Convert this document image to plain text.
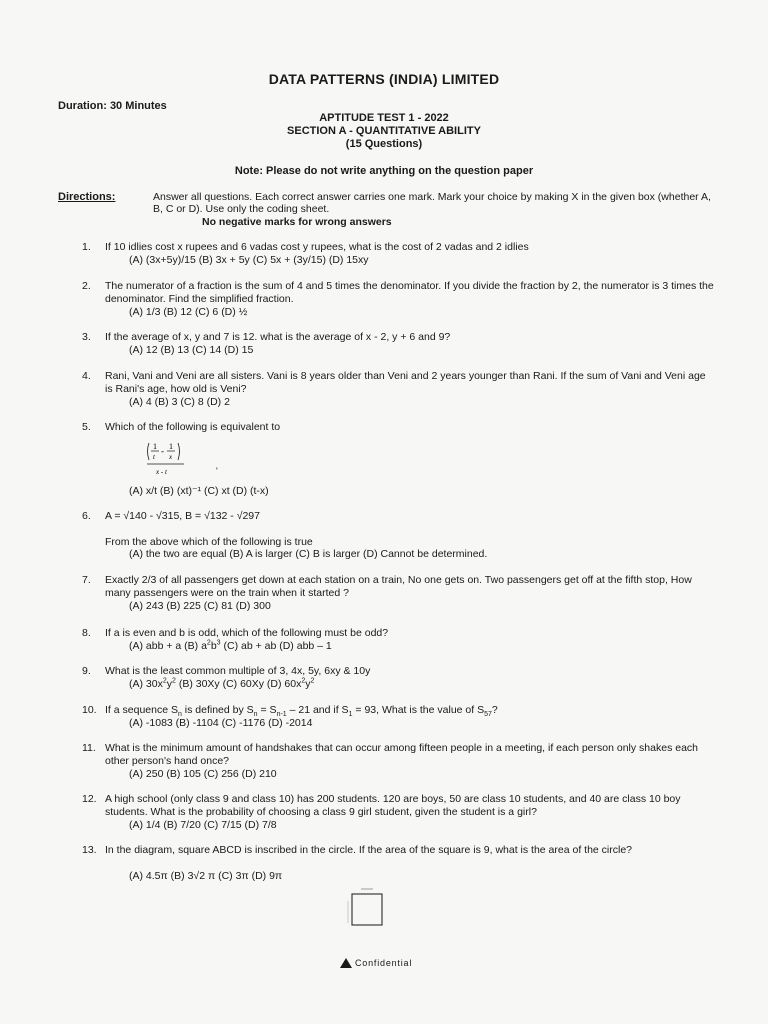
DATA PATTERNS (INDIA) LIMITED
Duration: 30 Minutes
APTITUDE TEST 1 - 2022
SECTION A - QUANTITATIVE ABILITY
(15 Questions)
Note: Please do not write anything on the question paper
Directions:	Answer all questions. Each correct answer carries one mark. Mark your choice by making X in the given box (whether A, B, C or D). Use only the coding sheet.
No negative marks for wrong answers
1.	If 10 idlies cost x rupees and 6 vadas cost y rupees, what is the cost of 2 vadas and 2 idlies
(A) (3x+5y)/15 (B) 3x + 5y (C) 5x + (3y/15) (D) 15xy
2.	The numerator of a fraction is the sum of 4 and 5 times the denominator. If you divide the fraction by 2, the numerator is 3 times the denominator. Find the simplified fraction.
(A) 1/3 (B) 12 (C) 6 (D) ½
3.	If the average of x, y and 7 is 12. what is the average of x - 2, y + 6 and 9?
(A) 12 (B) 13 (C) 14 (D) 15
4.	Rani, Vani and Veni are all sisters. Vani is 8 years older than Veni and 2 years younger than Rani. If the sum of Vani and Veni age is Rani's age, how old is Veni?
(A) 4 (B) 3 (C) 8 (D) 2
5.	Which of the following is equivalent to
(A) x/t (B) (xt)⁻¹ (C) xt (D) (t-x)
1
t
- 1
x
x - t	'
6.	A = √140 - √315, B = √132 - √297
(A) the two are equal (B) A is larger (C) B is larger (D) Cannot be determined.
From the above which of the following is true
7.	Exactly 2/3 of all passengers get down at each station on a train, No one gets on. Two passengers get off at the fifth stop, How many passengers were on the train when it started ?
(A) 243 (B) 225 (C) 81 (D) 300
8.	If a is even and b is odd, which of the following must be odd?
(A) abb + a (B) $a^2b^3$ (C) ab + ab (D) abb – 1
9.	What is the least common multiple of 3, 4x, 5y, 6xy & 10y
(A) $30x^2y^2$ (B) 30Xy (C) 60Xy (D) $60x^2y^2$
10. If a sequence $S_n$ is defined by $S_n = S_{n-1} - 21$ and if $S_1 = 93$, What is the value of $S_{57}$?
(A) -1083 (B) -1104 (C) -1176 (D) -2014
11. What is the minimum amount of handshakes that can occur among fifteen people in a meeting, if each person only shakes each other person's hand once?
(A) 250 (B) 105 (C) 256 (D) 210
12. A high school (only class 9 and class 10) has 200 students. 120 are boys, 50 are class 10 students, and 40 are class 10 boy students. What is the probability of choosing a class 9 girl student, given the student is a girl?
(A) 1/4 (B) 7/20 (C) 7/15 (D) 7/8
13. In the diagram, square ABCD is inscribed in the circle. If the area of the square is 9, what is the area of the circle?
(A) 4.5π (B) 3√2 π (C) 3π (D) 9π
Confidential
